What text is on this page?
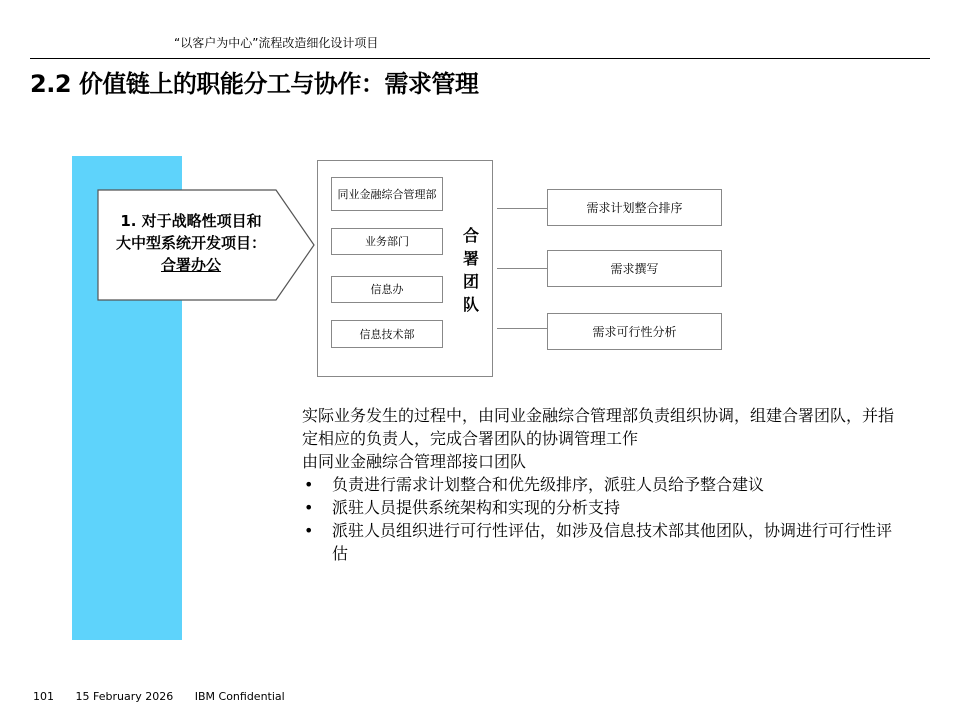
“以客户为中心”流程改造细化设计项目
2.2 价值链上的职能分工与协作：需求管理
1. 对于战略性项目和
大中型系统开发项目：
合署办公
同业金融综合管理部
业务部门
信息办
信息技术部
合
署
团
队
需求计划整合排序
需求撰写
需求可行性分析

实际业务发生的过程中，由同业金融综合管理部负责组织协调，组建合署团队，并指定相应的负责人，完成合署团队的协调管理工作

由同业金融综合管理部接口团队

• 负责进行需求计划整合和优先级排序，派驻人员给予整合建议
• 派驻人员提供系统架构和实现的分析支持
• 派驻人员组织进行可行性评估，如涉及信息技术部其他团队，协调进行可行性评估
101 15 February 2026 IBM Confidential
